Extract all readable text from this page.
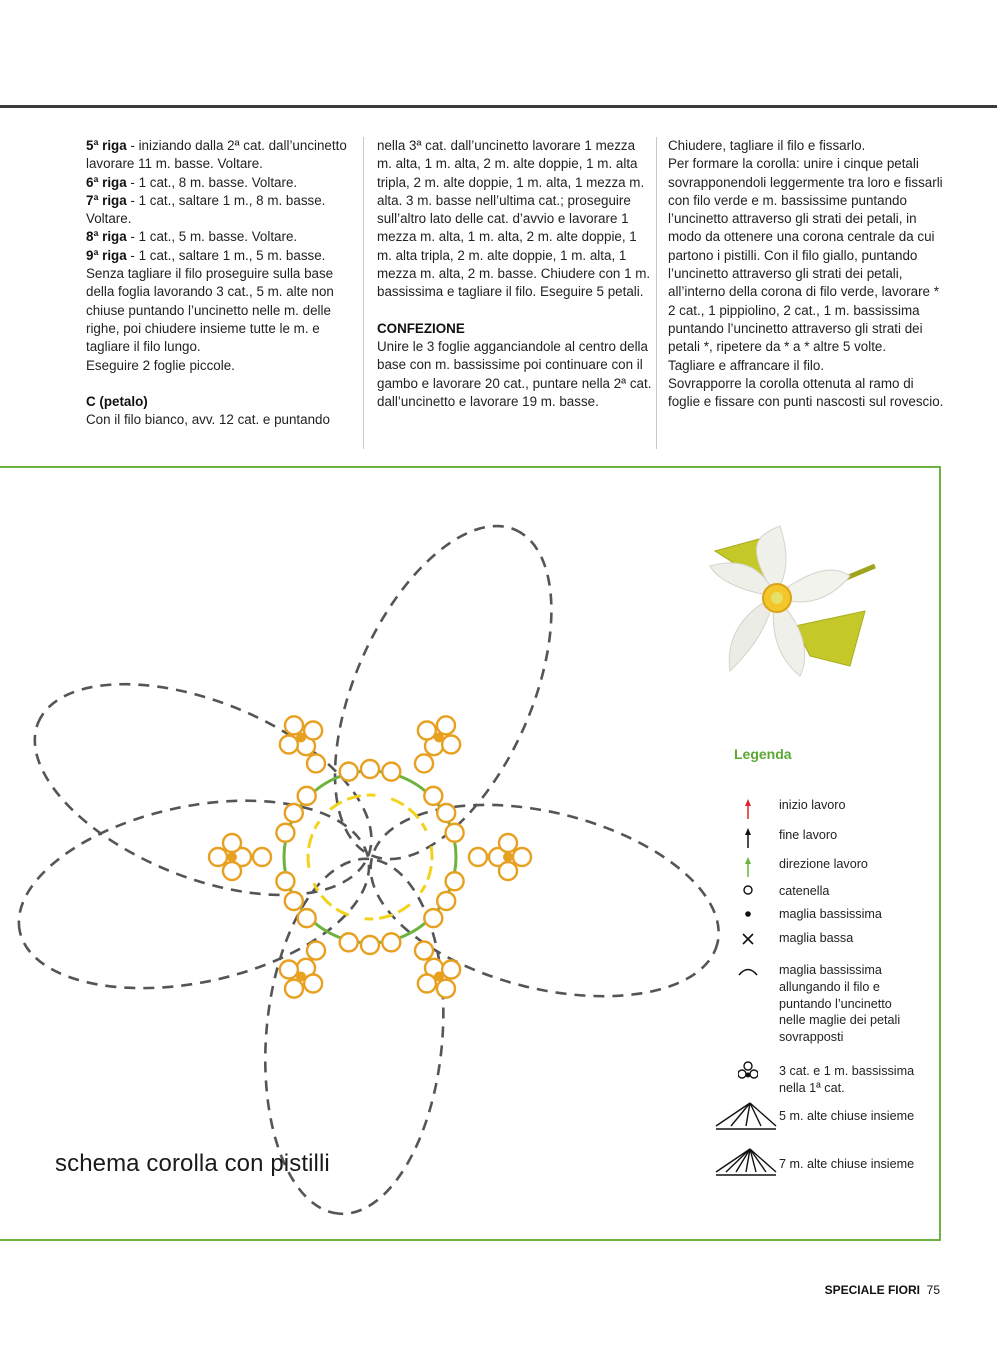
5ª riga - iniziando dalla 2ª cat. dall’uncinetto lavorare 11 m. basse. Voltare.

6ª riga - 1 cat., 8 m. basse. Voltare.

7ª riga - 1 cat., saltare 1 m., 8 m. basse. Voltare.

8ª riga - 1 cat., 5 m. basse. Voltare.

9ª riga - 1 cat., saltare 1 m., 5 m. basse. Senza tagliare il filo proseguire sulla base della foglia lavorando 3 cat., 5 m. alte non chiuse puntando l’uncinetto nelle m. delle righe, poi chiudere insieme tutte le m. e tagliare il filo lungo.

Eseguire 2 foglie piccole.

C (petalo)

Con il filo bianco, avv. 12 cat. e puntando

nella 3ª cat. dall’uncinetto lavorare 1 mezza m. alta, 1 m. alta, 2 m. alte doppie, 1 m. alta tripla, 2 m. alte doppie, 1 m. alta, 1 mezza m. alta. 3 m. basse nell’ultima cat.; proseguire sull’altro lato delle cat. d’avvio e lavorare 1 mezza m. alta, 1 m. alta, 2 m. alte doppie, 1 m. alta tripla, 2 m. alte doppie, 1 m. alta, 1 mezza m. alta, 2 m. basse. Chiudere con 1 m. bassissima e tagliare il filo. Eseguire 5 petali.

CONFEZIONE

Unire le 3 foglie agganciandole al centro della base con m. bassissime poi continuare con il gambo e lavorare 20 cat., puntare nella 2ª cat. dall’uncinetto e lavorare 19 m. basse.

Chiudere, tagliare il filo e fissarlo.

Per formare la corolla: unire i cinque petali sovrapponendoli leggermente tra loro e fissarli con filo verde e m. bassissime puntando l’uncinetto attraverso gli strati dei petali, in modo da ottenere una corona centrale da cui partono i pistilli. Con il filo giallo, puntando l’uncinetto attraverso gli strati dei petali, all’interno della corona di filo verde, lavorare * 2 cat., 1 pippiolino, 2 cat., 1 m. bassissima puntando l’uncinetto attraverso gli strati dei petali *, ripetere da * a * altre 5 volte.

Tagliare e affrancare il filo.

Sovrapporre la corolla ottenuta al ramo di foglie e fissare con punti nascosti sul rovescio.

Legenda
inizio lavoro
fine lavoro
direzione lavoro
catenella
maglia bassissima
maglia bassa
maglia bassissima allungando il filo e puntando l’uncinetto nelle maglie dei petali sovrapposti
3 cat. e 1 m. bassissima nella 1ª cat.
5 m. alte chiuse insieme
7 m. alte chiuse insieme
schema corolla con pistilli
SPECIALE FIORI 75
